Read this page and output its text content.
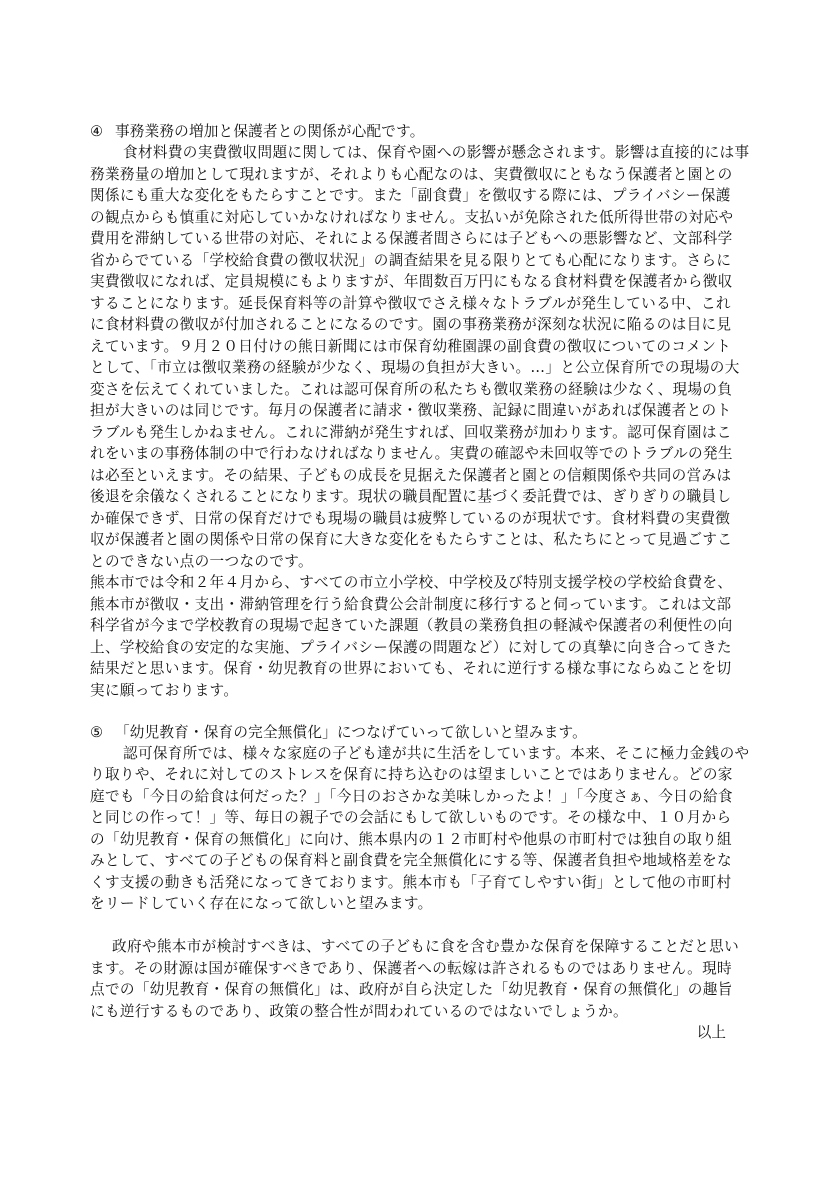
④ 事務業務の増加と保護者との関係が心配です。
食材料費の実費徴収問題に関しては、保育や園への影響が懸念されます。影響は直接的には事
務業務量の増加として現れますが、それよりも心配なのは、実費徴収にともなう保護者と園との
関係にも重大な変化をもたらすことです。また「副食費」を徴収する際には、プライバシー保護
の観点からも慎重に対応していかなければなりません。支払いが免除された低所得世帯の対応や
費用を滞納している世帯の対応、それによる保護者間さらには子どもへの悪影響など、文部科学
省からでている「学校給食費の徴収状況」の調査結果を見る限りとても心配になります。さらに
実費徴収になれば、定員規模にもよりますが、年間数百万円にもなる食材料費を保護者から徴収
することになります。延長保育料等の計算や徴収でさえ様々なトラブルが発生している中、これ
に食材料費の徴収が付加されることになるのです。園の事務業務が深刻な状況に陥るのは目に見
えています。９月２０日付けの熊日新聞には市保育幼稚園課の副食費の徴収についてのコメント
として、「市立は徴収業務の経験が少なく、現場の負担が大きい。…」と公立保育所での現場の大
変さを伝えてくれていました。これは認可保育所の私たちも徴収業務の経験は少なく、現場の負
担が大きいのは同じです。毎月の保護者に請求・徴収業務、記録に間違いがあれば保護者とのト
ラブルも発生しかねません。これに滞納が発生すれば、回収業務が加わります。認可保育園はこ
れをいまの事務体制の中で行わなければなりません。実費の確認や未回収等でのトラブルの発生
は必至といえます。その結果、子どもの成長を見据えた保護者と園との信頼関係や共同の営みは
後退を余儀なくされることになります。現状の職員配置に基づく委託費では、ぎりぎりの職員し
か確保できず、日常の保育だけでも現場の職員は疲弊しているのが現状です。食材料費の実費徴
収が保護者と園の関係や日常の保育に大きな変化をもたらすことは、私たちにとって見過ごすこ
とのできない点の一つなのです。
熊本市では令和２年４月から、すべての市立小学校、中学校及び特別支援学校の学校給食費を、
熊本市が徴収・支出・滞納管理を行う給食費公会計制度に移行すると伺っています。これは文部
科学省が今まで学校教育の現場で起きていた課題（教員の業務負担の軽減や保護者の利便性の向
上、学校給食の安定的な実施、プライバシー保護の問題など）に対しての真摯に向き合ってきた
結果だと思います。保育・幼児教育の世界においても、それに逆行する様な事にならぬことを切
実に願っております。
⑤ 「幼児教育・保育の完全無償化」につなげていって欲しいと望みます。
認可保育所では、様々な家庭の子ども達が共に生活をしています。本来、そこに極力金銭のや
り取りや、それに対してのストレスを保育に持ち込むのは望ましいことではありません。どの家
庭でも「今日の給食は何だった？」「今日のおさかな美味しかったよ！」「今度さぁ、今日の給食
と同じの作って！」等、毎日の親子での会話にもして欲しいものです。その様な中、１０月から
の「幼児教育・保育の無償化」に向け、熊本県内の１２市町村や他県の市町村では独自の取り組
みとして、すべての子どもの保育料と副食費を完全無償化にする等、保護者負担や地域格差をな
くす支援の動きも活発になってきております。熊本市も「子育てしやすい街」として他の市町村
をリードしていく存在になって欲しいと望みます。
政府や熊本市が検討すべきは、すべての子どもに食を含む豊かな保育を保障することだと思い
ます。その財源は国が確保すべきであり、保護者への転嫁は許されるものではありません。現時
点での「幼児教育・保育の無償化」は、政府が自ら決定した「幼児教育・保育の無償化」の趣旨
にも逆行するものであり、政策の整合性が問われているのではないでしょうか。
以上
